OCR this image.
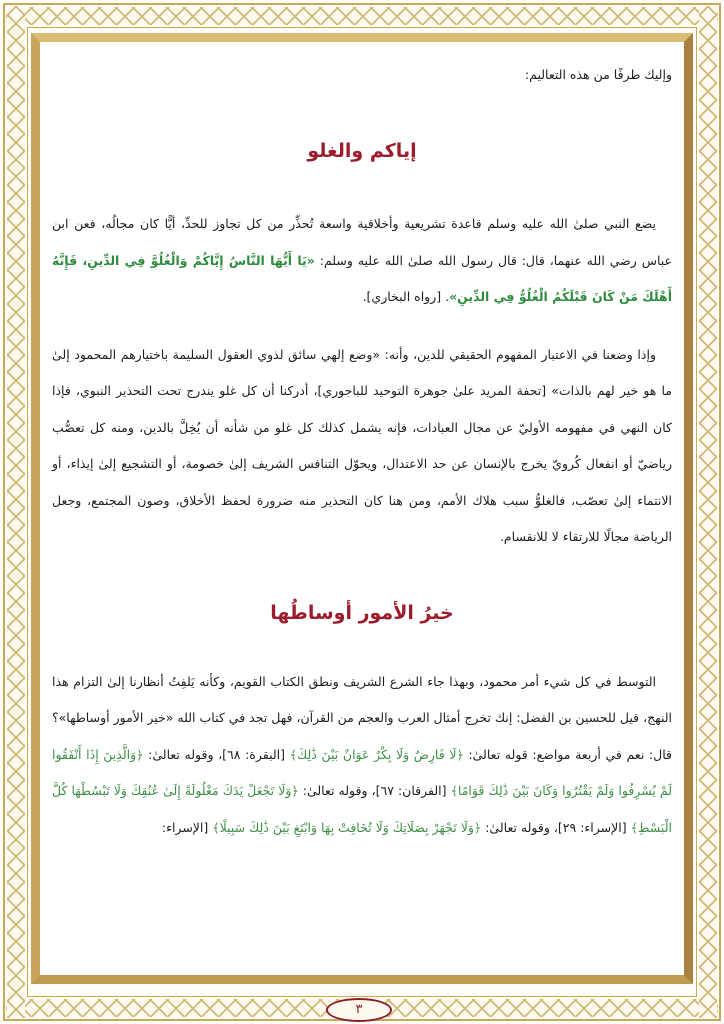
وإليك طرفًا من هذه التعاليم:

إياكم والغلو

يضع النبي صلىٰ الله عليه وسلم قاعدة تشريعية وأخلاقية واسعة تُحذِّر من كل تجاوز للحدِّ، أيًّا كان مجالُه، فعن ابن عباس رضي الله عنهما، قال: قال رسول الله صلىٰ الله عليه وسلم: «يَا أَيُّهَا النَّاسُ إِيَّاكُمْ وَالْغُلُوَّ فِي الدِّينِ، فَإِنَّهُ أَهْلَكَ مَنْ كَانَ قَبْلَكُمُ الْغُلُوُّ فِي الدِّينِ». [رواه البخاري].

وإذا وضعنا في الاعتبار المفهوم الحقيقي للدين، وأنه: «وضع إلهي سائق لذوي العقول السليمة باختيارهم المحمود إلىٰ ما هو خير لهم بالذات» [تحفة المريد علىٰ جوهرة التوحيد للباجوري]، أدركنا أن كل غلو يندرج تحت التحذير النبوي، فإذا كان النهي في مفهومه الأوليّ عن مجال العبادات، فإنه يشمل كذلك كل غلو من شأنه أن يُخِلَّ بالدين، ومنه كل تعصُّب رياضيّ أو انفعال كُرويّ يخرج بالإنسان عن حد الاعتدال، ويحوّل التنافس الشريف إلىٰ خصومة، أو التشجيع إلىٰ إيذاء، أو الانتماء إلىٰ تعصّب، فالغلوُّ سبب هلاك الأمم، ومن هنا كان التحذير منه ضرورة لحفظ الأخلاق، وصون المجتمع، وجعل الرياضة مجالًا للارتقاء لا للانقسام.

خيرُ الأمور أوساطُها

التوسط في كل شيء أمر محمود، وبهذا جاء الشرع الشريف ونطق الكتاب القويم، وكأنه يَلفِتُ أنظارنا إلىٰ التزام هذا النهج، قيل للحسين بن الفضل: إنك تخرج أمثال العرب والعجم من القرآن، فهل تجد في كتاب الله «خير الأمور أوساطها»؟ قال: نعم في أربعة مواضع: قوله تعالىٰ: ﴿لَا فَارِضٌ وَلَا بِكْرٌ عَوَانٌ بَيْنَ ذَٰلِكَ﴾ [البقرة: ٦٨]، وقوله تعالىٰ: ﴿وَالَّذِينَ إِذَا أَنْفَقُوا لَمْ يُسْرِفُوا وَلَمْ يَقْتُرُوا وَكَانَ بَيْنَ ذَٰلِكَ قَوَامًا﴾ [الفرقان: ٦٧]، وقوله تعالىٰ: ﴿وَلَا تَجْعَلْ يَدَكَ مَغْلُولَةً إِلَىٰ عُنُقِكَ وَلَا تَبْسُطْهَا كُلَّ الْبَسْطِ﴾ [الإسراء: ٢٩]، وقوله تعالىٰ: ﴿وَلَا تَجْهَرْ بِصَلَاتِكَ وَلَا تُخَافِتْ بِهَا وَابْتَغِ بَيْنَ ذَٰلِكَ سَبِيلًا﴾ [الإسراء:

٣
